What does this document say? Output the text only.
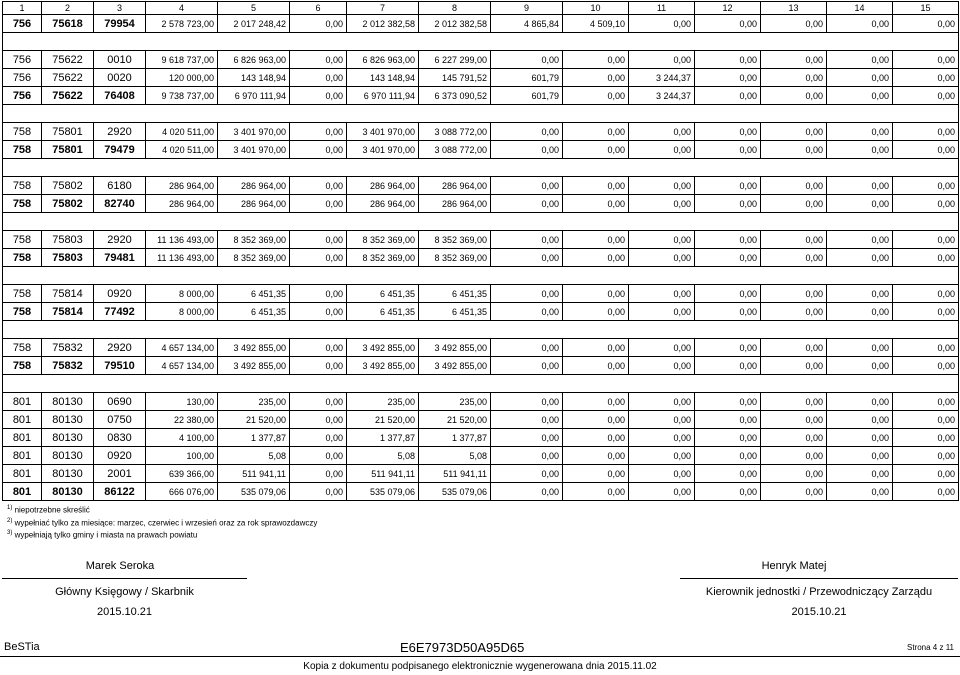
1	2	3	4	5	6	7	8	9	10	11	12	13	14	15
756	75618	79954	2 578 723,00	2 017 248,42	0,00	2 012 382,58	2 012 382,58	4 865,84	4 509,10	0,00	0,00	0,00	0,00	0,00

756	75622	0010	9 618 737,00	6 826 963,00	0,00	6 826 963,00	6 227 299,00	0,00	0,00	0,00	0,00	0,00	0,00	0,00
756	75622	0020	120 000,00	143 148,94	0,00	143 148,94	145 791,52	601,79	0,00	3 244,37	0,00	0,00	0,00	0,00
756	75622	76408	9 738 737,00	6 970 111,94	0,00	6 970 111,94	6 373 090,52	601,79	0,00	3 244,37	0,00	0,00	0,00	0,00

758	75801	2920	4 020 511,00	3 401 970,00	0,00	3 401 970,00	3 088 772,00	0,00	0,00	0,00	0,00	0,00	0,00	0,00
758	75801	79479	4 020 511,00	3 401 970,00	0,00	3 401 970,00	3 088 772,00	0,00	0,00	0,00	0,00	0,00	0,00	0,00

758	75802	6180	286 964,00	286 964,00	0,00	286 964,00	286 964,00	0,00	0,00	0,00	0,00	0,00	0,00	0,00
758	75802	82740	286 964,00	286 964,00	0,00	286 964,00	286 964,00	0,00	0,00	0,00	0,00	0,00	0,00	0,00

758	75803	2920	11 136 493,00	8 352 369,00	0,00	8 352 369,00	8 352 369,00	0,00	0,00	0,00	0,00	0,00	0,00	0,00
758	75803	79481	11 136 493,00	8 352 369,00	0,00	8 352 369,00	8 352 369,00	0,00	0,00	0,00	0,00	0,00	0,00	0,00

758	75814	0920	8 000,00	6 451,35	0,00	6 451,35	6 451,35	0,00	0,00	0,00	0,00	0,00	0,00	0,00
758	75814	77492	8 000,00	6 451,35	0,00	6 451,35	6 451,35	0,00	0,00	0,00	0,00	0,00	0,00	0,00

758	75832	2920	4 657 134,00	3 492 855,00	0,00	3 492 855,00	3 492 855,00	0,00	0,00	0,00	0,00	0,00	0,00	0,00
758	75832	79510	4 657 134,00	3 492 855,00	0,00	3 492 855,00	3 492 855,00	0,00	0,00	0,00	0,00	0,00	0,00	0,00

801	80130	0690	130,00	235,00	0,00	235,00	235,00	0,00	0,00	0,00	0,00	0,00	0,00	0,00
801	80130	0750	22 380,00	21 520,00	0,00	21 520,00	21 520,00	0,00	0,00	0,00	0,00	0,00	0,00	0,00
801	80130	0830	4 100,00	1 377,87	0,00	1 377,87	1 377,87	0,00	0,00	0,00	0,00	0,00	0,00	0,00
801	80130	0920	100,00	5,08	0,00	5,08	5,08	0,00	0,00	0,00	0,00	0,00	0,00	0,00
801	80130	2001	639 366,00	511 941,11	0,00	511 941,11	511 941,11	0,00	0,00	0,00	0,00	0,00	0,00	0,00
801	80130	86122	666 076,00	535 079,06	0,00	535 079,06	535 079,06	0,00	0,00	0,00	0,00	0,00	0,00	0,00
$^{1)}$ niepotrzebne skreślić
$^{2)}$ wypełniać tylko za miesiące: marzec, czerwiec i wrzesień oraz za rok sprawozdawczy
$^{3)}$ wypełniają tylko gminy i miasta na prawach powiatu
Marek Seroka
Główny Księgowy / Skarbnik
2015.10.21
Henryk Matej
Kierownik jednostki / Przewodniczący Zarządu
2015.10.21
BeSTia	E6E7973D50A95D65	Strona 4 z 11
Kopia z dokumentu podpisanego elektronicznie wygenerowana dnia 2015.11.02
